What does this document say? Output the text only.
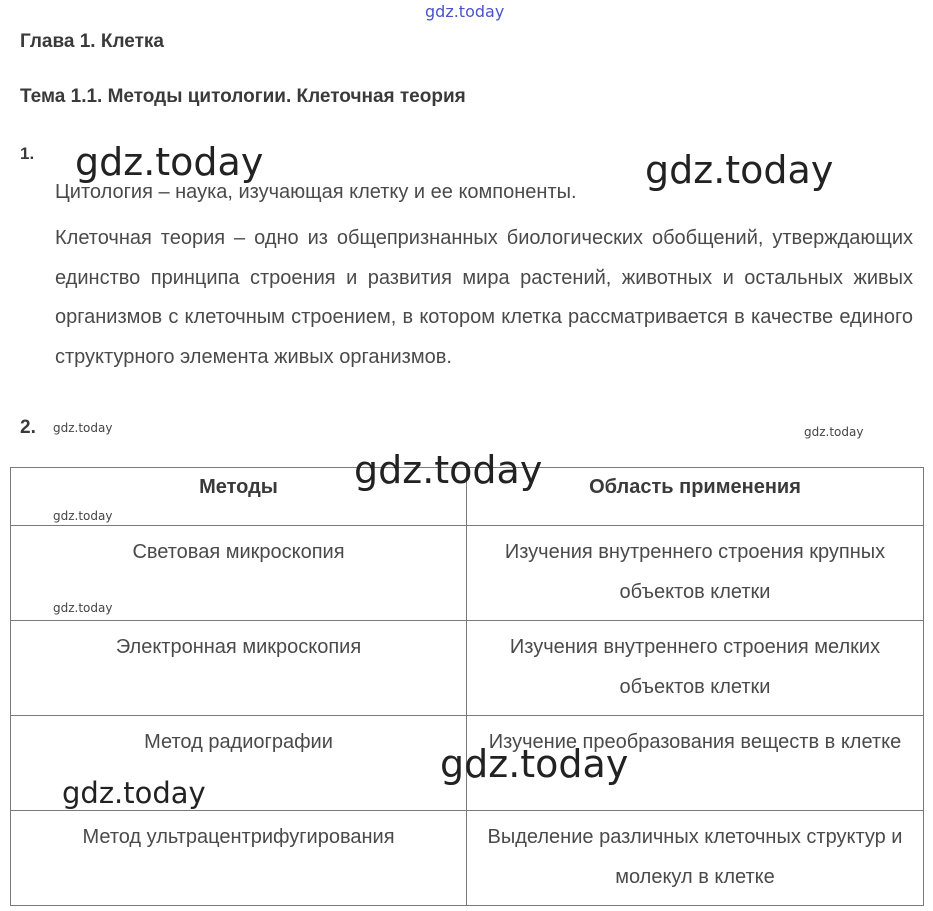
gdz.today
Глава 1. Клетка
Тема 1.1. Методы цитологии. Клеточная теория
1.
Цитология – наука, изучающая клетку и ее компоненты.
Клеточная теория – одно из общепризнанных биологических обобщений, утверждающих единство принципа строения и развития мира растений, животных и остальных живых организмов с клеточным строением, в котором клетка рассматривается в качестве единого структурного элемента живых организмов.
2.
Методы	Область применения
Световая микроскопия	Изучения внутреннего строения крупных объектов клетки
Электронная микроскопия	Изучения внутреннего строения мелких объектов клетки
Метод радиографии	Изучение преобразования веществ в клетке
Метод ультрацентрифугирования	Выделение различных клеточных структур и молекул в клетке
gdz.today	gdz.today
gdz.today
gdz.today
gdz.today
gdz.today	gdz.today
gdz.today
gdz.today
